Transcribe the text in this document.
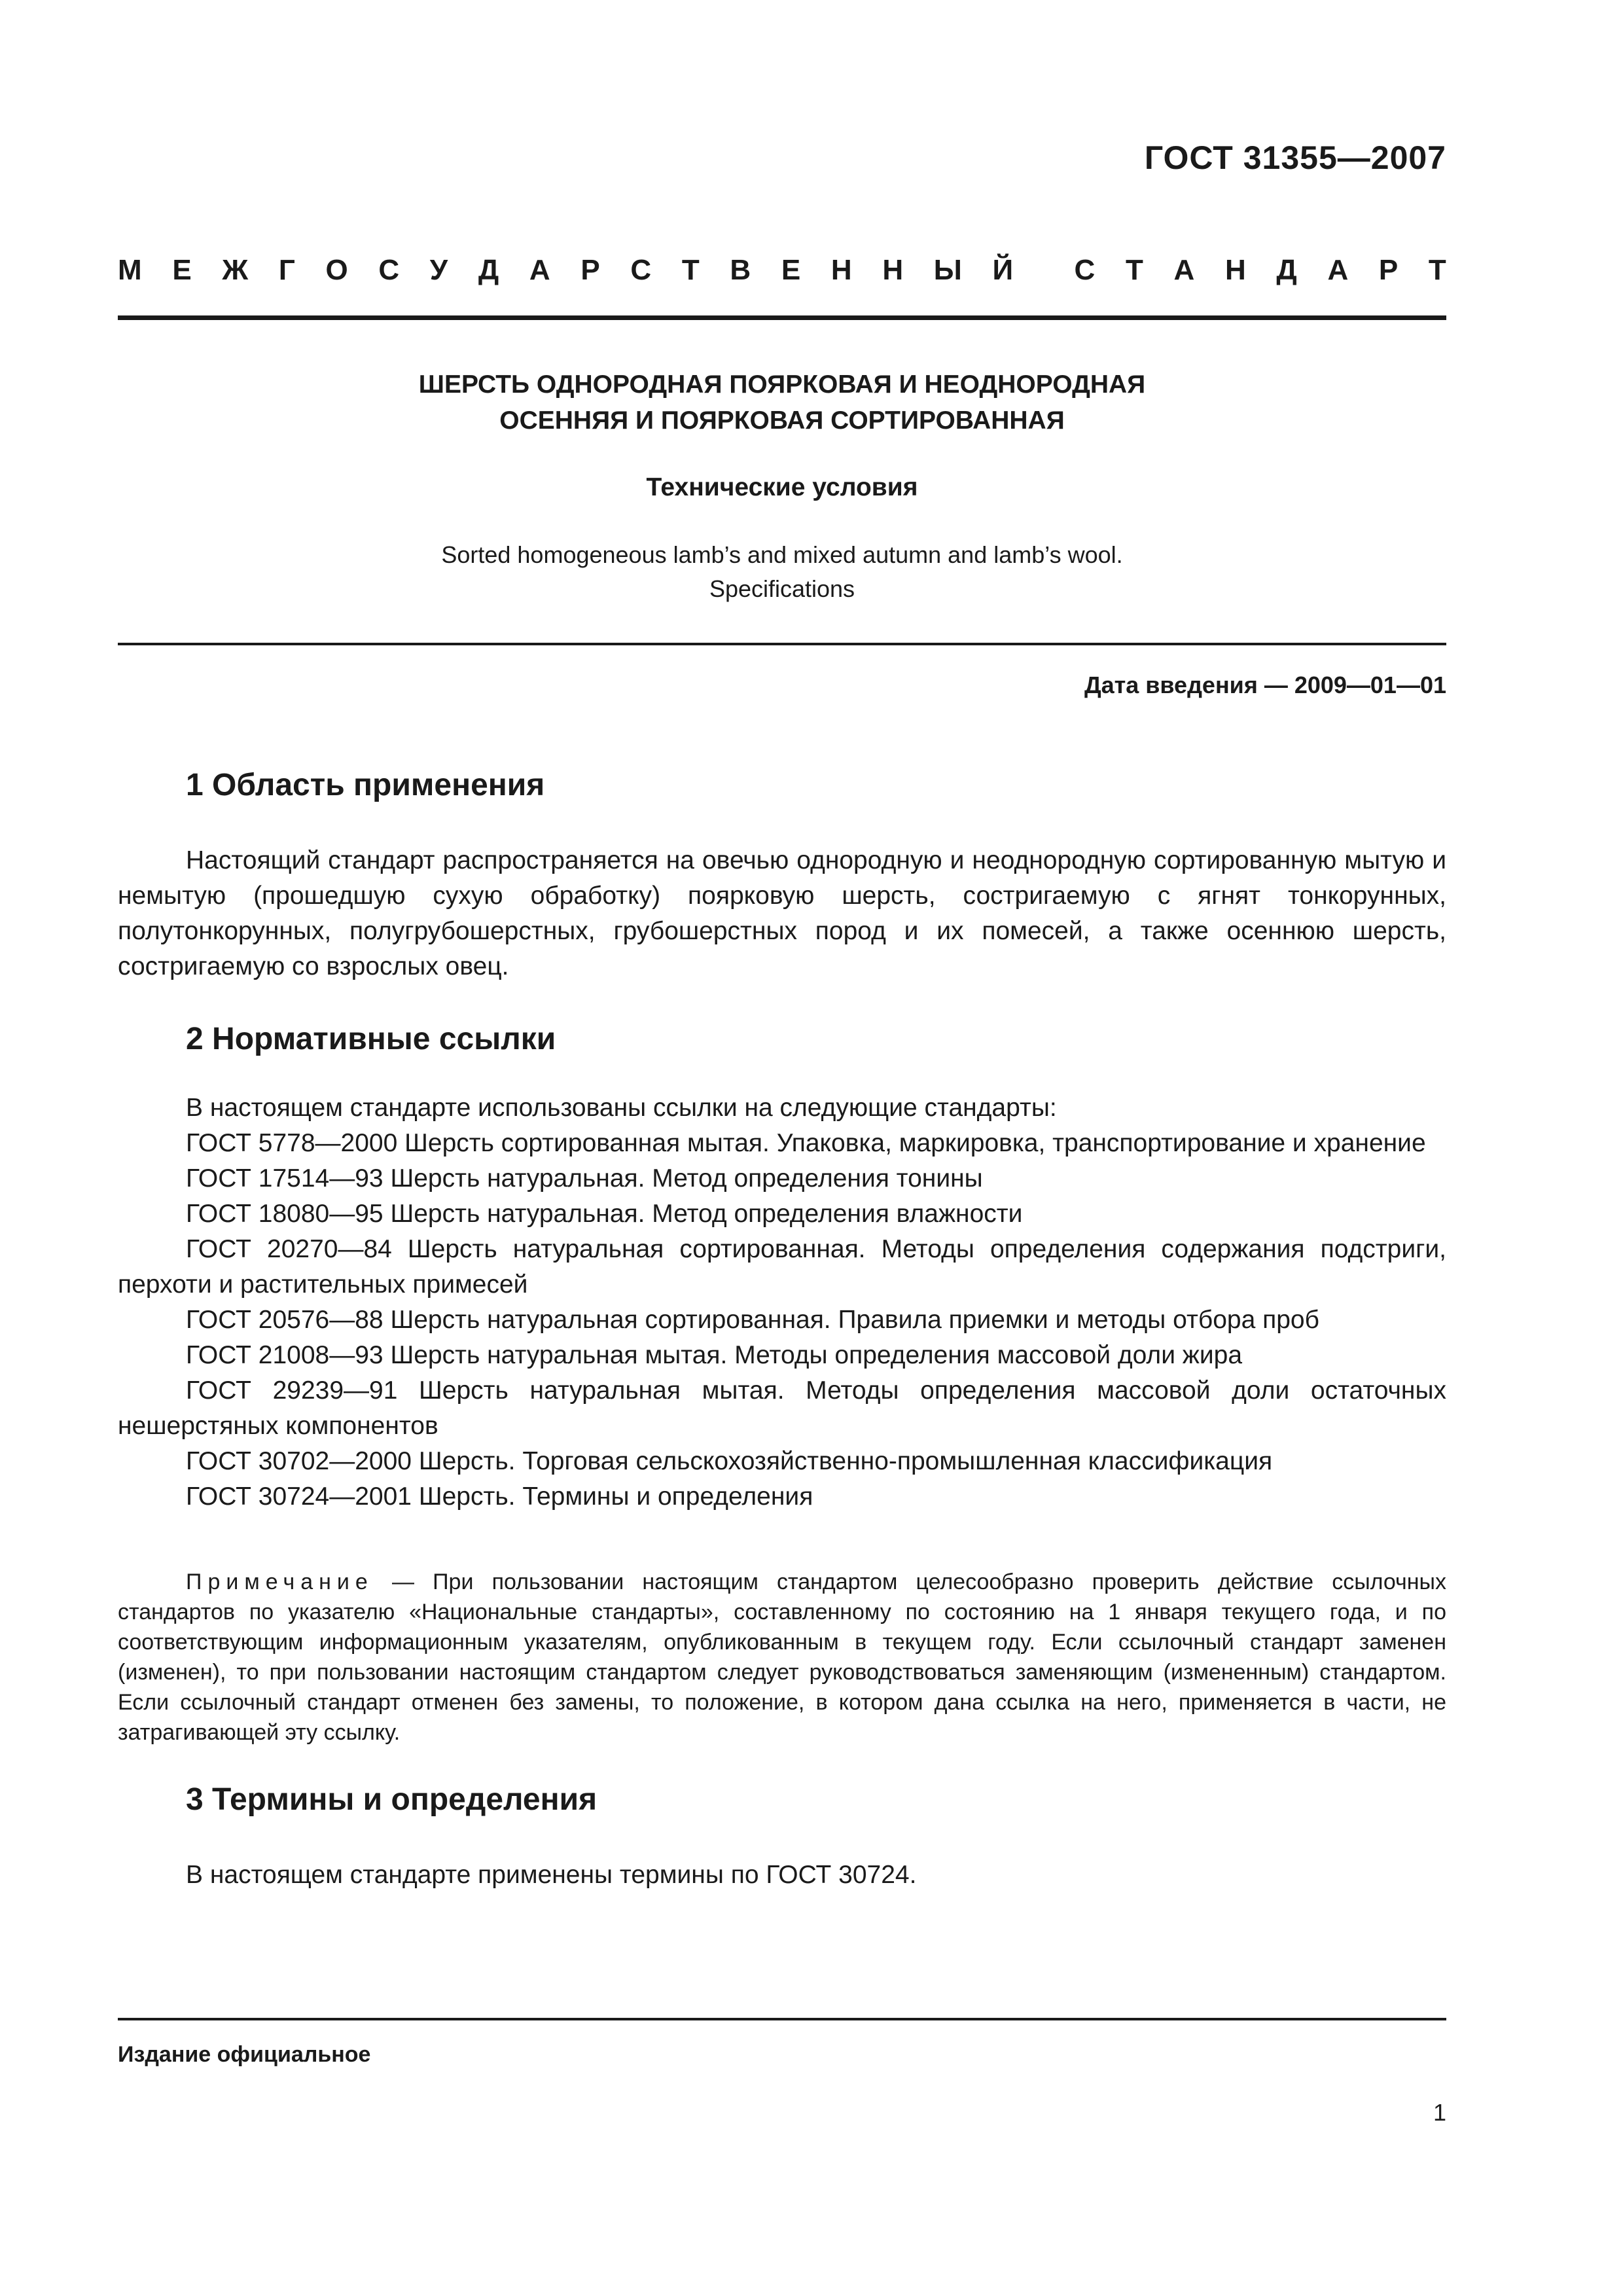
ГОСТ 31355—2007
М Е Ж Г О С У Д А Р С Т В Е Н Н Ы Й С Т А Н Д А Р Т
ШЕРСТЬ ОДНОРОДНАЯ ПОЯРКОВАЯ И НЕОДНОРОДНАЯ
ОСЕННЯЯ И ПОЯРКОВАЯ СОРТИРОВАННАЯ
Технические условия
Sorted homogeneous lamb’s and mixed autumn and lamb’s wool.
Specifications
Дата введения — 2009—01—01
1 Область применения
Настоящий стандарт распространяется на овечью однородную и неоднородную сортированную мытую и немытую (прошедшую сухую обработку) поярковую шерсть, состригаемую с ягнят тонкорунных, полутонкорунных, полугрубошерстных, грубошерстных пород и их помесей, а также осеннюю шерсть, состригаемую со взрослых овец.
2 Нормативные ссылки
В настоящем стандарте использованы ссылки на следующие стандарты:
ГОСТ 5778—2000 Шерсть сортированная мытая. Упаковка, маркировка, транспортирование и хранение
ГОСТ 17514—93 Шерсть натуральная. Метод определения тонины
ГОСТ 18080—95 Шерсть натуральная. Метод определения влажности
ГОСТ 20270—84 Шерсть натуральная сортированная. Методы определения содержания подстриги, перхоти и растительных примесей
ГОСТ 20576—88 Шерсть натуральная сортированная. Правила приемки и методы отбора проб
ГОСТ 21008—93 Шерсть натуральная мытая. Методы определения массовой доли жира
ГОСТ 29239—91 Шерсть натуральная мытая. Методы определения массовой доли остаточных нешерстяных компонентов
ГОСТ 30702—2000 Шерсть. Торговая сельскохозяйственно-промышленная классификация
ГОСТ 30724—2001 Шерсть. Термины и определения
Примечание — При пользовании настоящим стандартом целесообразно проверить действие ссылочных стандартов по указателю «Национальные стандарты», составленному по состоянию на 1 января текущего года, и по соответствующим информационным указателям, опубликованным в текущем году. Если ссылочный стандарт заменен (изменен), то при пользовании настоящим стандартом следует руководствоваться заменяющим (измененным) стандартом. Если ссылочный стандарт отменен без замены, то положение, в котором дана ссылка на него, применяется в части, не затрагивающей эту ссылку.
3 Термины и определения
В настоящем стандарте применены термины по ГОСТ 30724.
Издание официальное
1
